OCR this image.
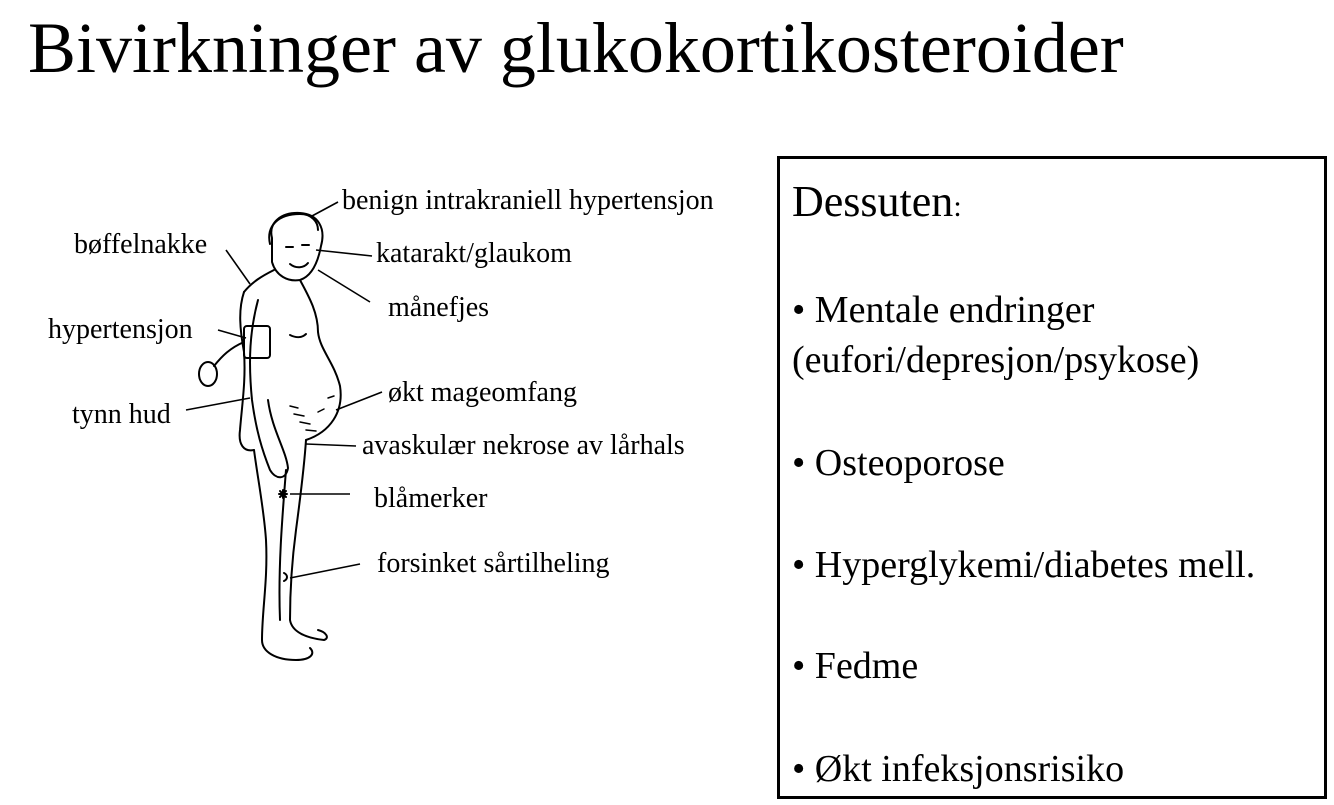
Bivirkninger av glukokortikosteroider
benign intrakraniell hypertensjon
katarakt/glaukom
månefjes
bøffelnakke
hypertensjon
tynn hud
økt mageomfang
avaskulær nekrose av lårhals
blåmerker
forsinket sårtilheling
Dessuten:
• Mentale endringer
(eufori/depresjon/psykose)
• Osteoporose
• Hyperglykemi/diabetes mell.
• Fedme
• Økt infeksjonsrisiko
